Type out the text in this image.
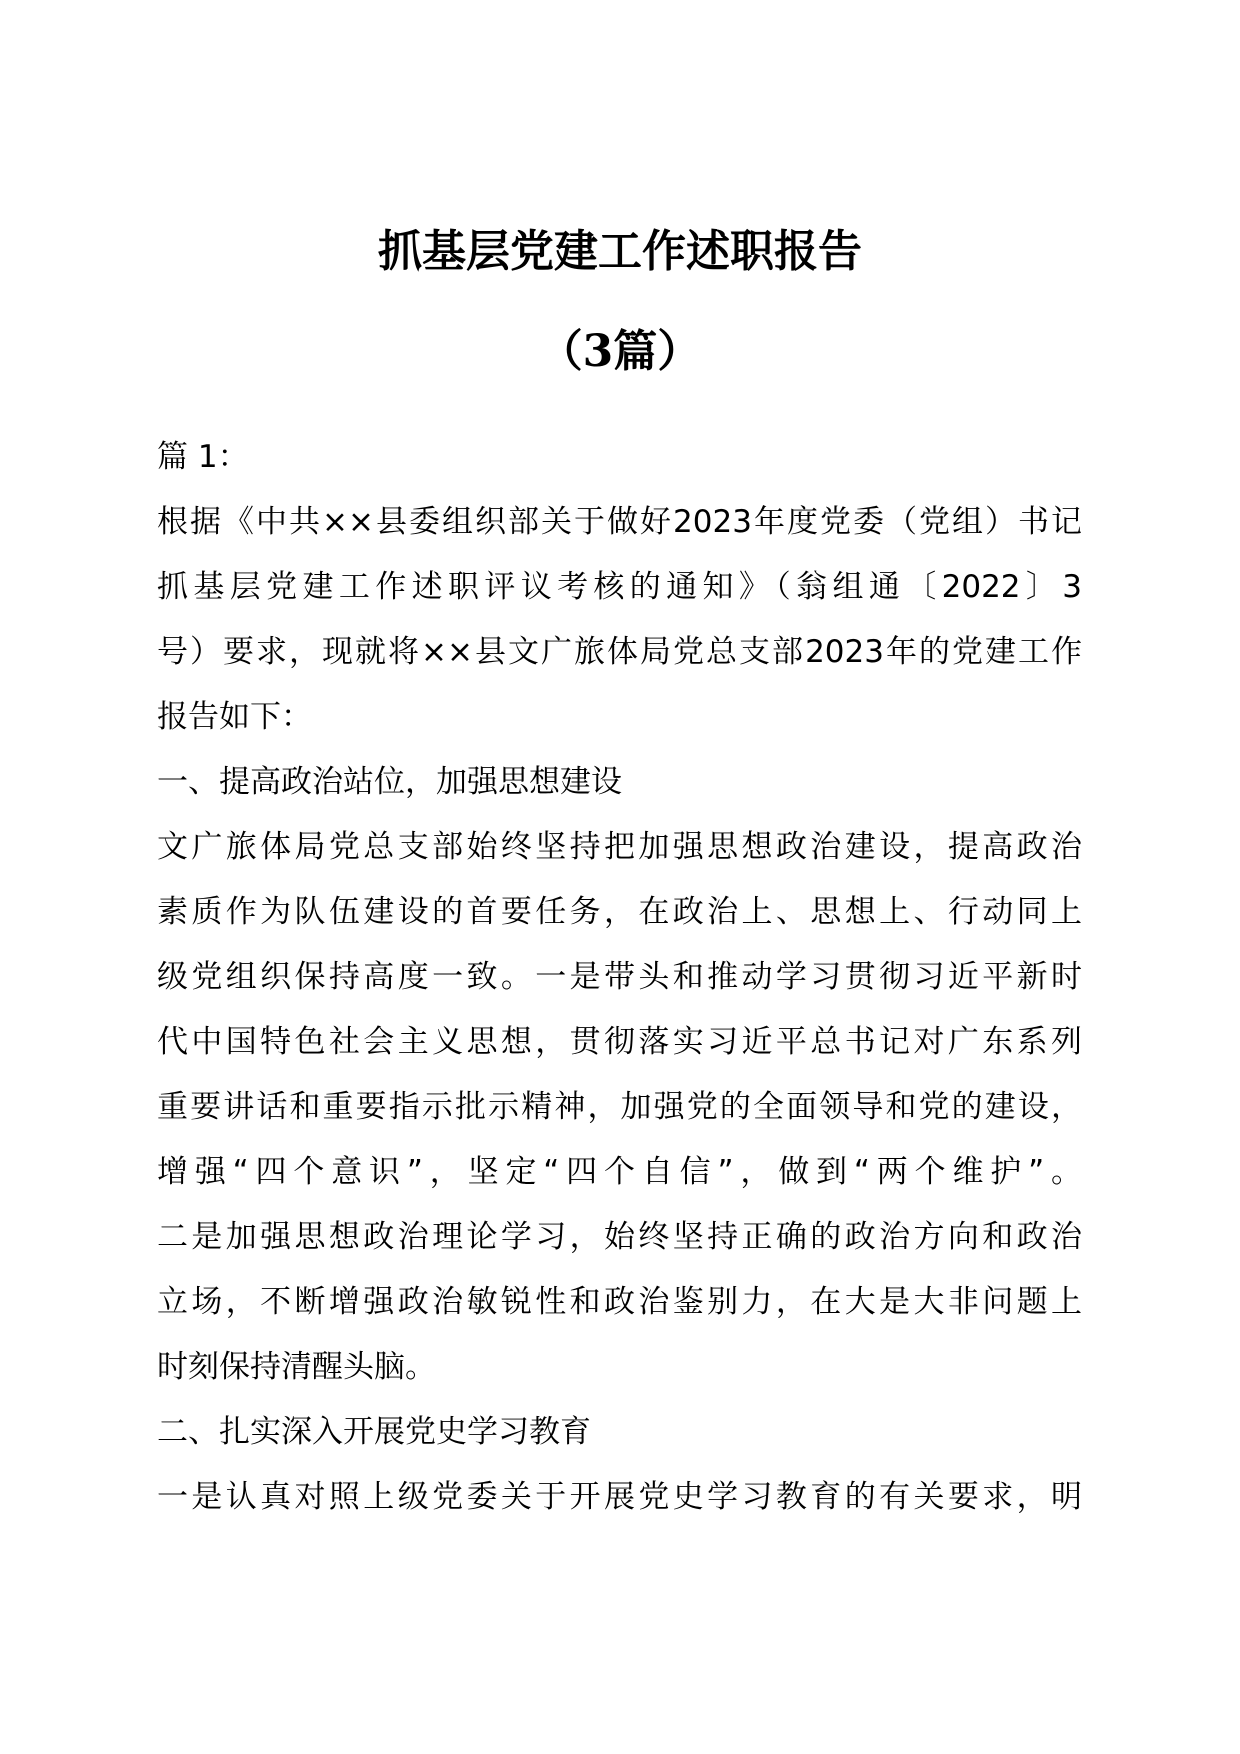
抓基层党建工作述职报告
（3篇）
篇 1：
根据《中共××县委组织部关于做好2023年度党委（党组）书记
抓基层党建工作述职评议考核的通知》（翁组通〔2022〕3
号）要求，现就将××县文广旅体局党总支部2023年的党建工作
报告如下：
一、提高政治站位，加强思想建设
文广旅体局党总支部始终坚持把加强思想政治建设，提高政治
素质作为队伍建设的首要任务，在政治上、思想上、行动同上
级党组织保持高度一致。一是带头和推动学习贯彻习近平新时
代中国特色社会主义思想，贯彻落实习近平总书记对广东系列
重要讲话和重要指示批示精神，加强党的全面领导和党的建设，
增强“四个意识”，坚定“四个自信”，做到“两个维护”。
二是加强思想政治理论学习，始终坚持正确的政治方向和政治
立场，不断增强政治敏锐性和政治鉴别力，在大是大非问题上
时刻保持清醒头脑。
二、扎实深入开展党史学习教育
一是认真对照上级党委关于开展党史学习教育的有关要求，明
